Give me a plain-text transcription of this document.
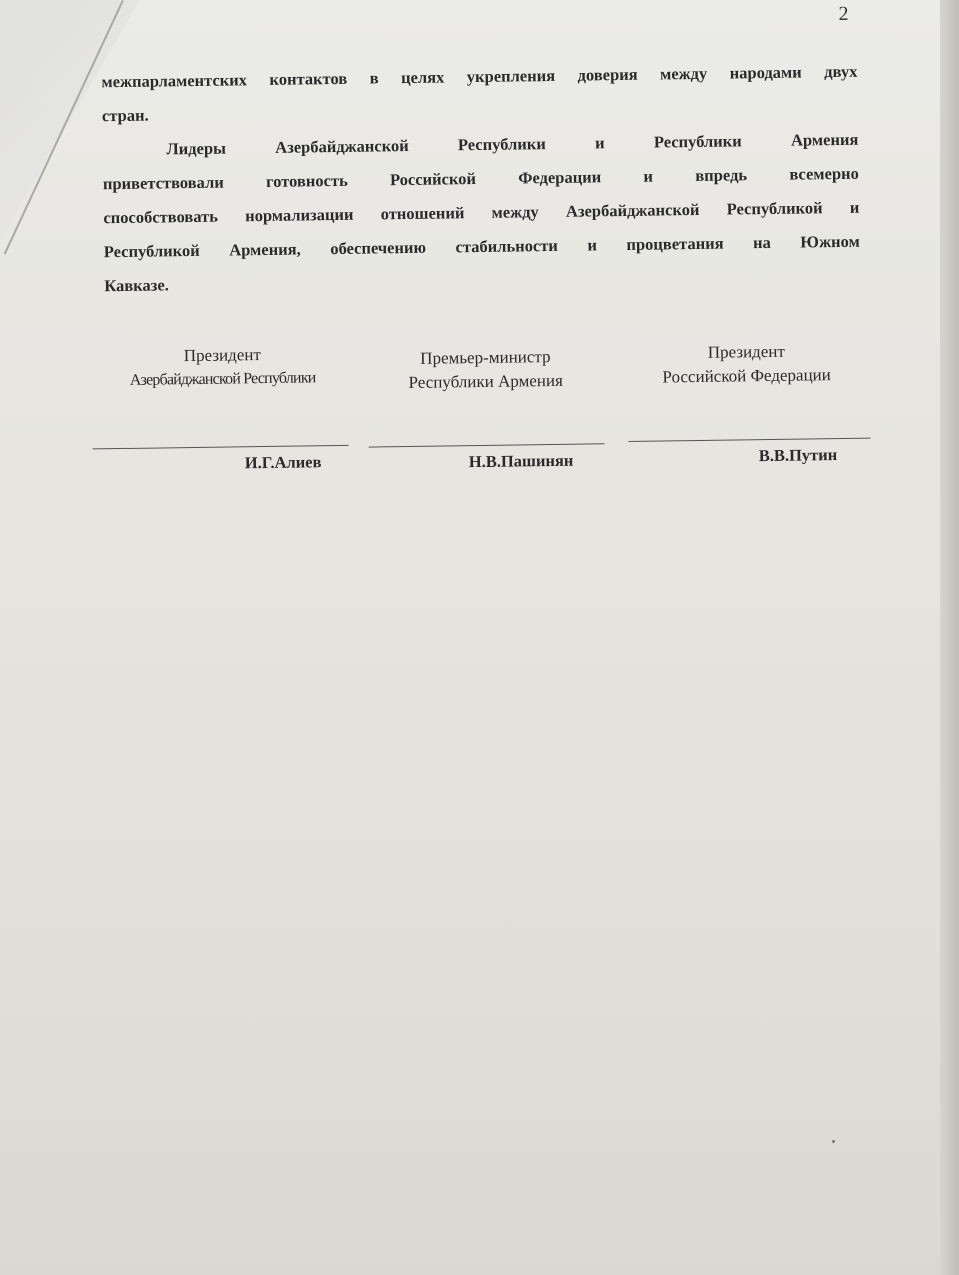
2
межпарламентских контактов в целях укрепления доверия между народами двух
стран.
Лидеры Азербайджанской Республики и Республики Армения
приветствовали готовность Российской Федерации и впредь всемерно
способствовать нормализации отношений между Азербайджанской Республикой и
Республикой Армения, обеспечению стабильности и процветания на Южном
Кавказе.
Президент
Азербайджанской Республики
Премьер-министр
Республики Армения
Президент
Российской Федерации
И.Г.Алиев	Н.В.Пашинян	В.В.Путин
